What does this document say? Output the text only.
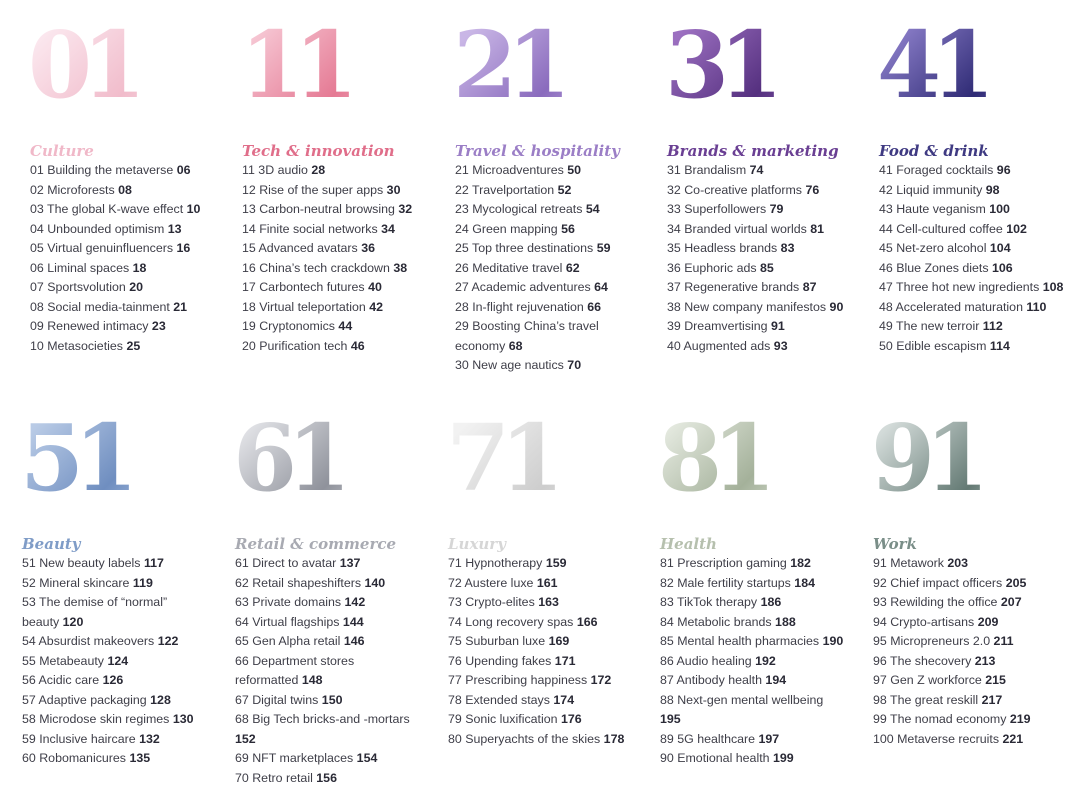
01
Culture
01 Building the metaverse 06
02 Microforests 08
03 The global K-wave effect 10
04 Unbounded optimism 13
05 Virtual genuinfluencers 16
06 Liminal spaces 18
07 Sportsvolution 20
08 Social media-tainment 21
09 Renewed intimacy 23
10 Metasocieties 25
11
Tech & innovation
11 3D audio 28
12 Rise of the super apps 30
13 Carbon-neutral browsing 32
14 Finite social networks 34
15 Advanced avatars 36
16 China’s tech crackdown 38
17 Carbontech futures 40
18 Virtual teleportation 42
19 Cryptonomics 44
20 Purification tech 46
21
Travel & hospitality
21 Microadventures 50
22 Travelportation 52
23 Mycological retreats 54
24 Green mapping 56
25 Top three destinations 59
26 Meditative travel 62
27 Academic adventures 64
28 In-flight rejuvenation 66
29 Boosting China’s travel economy 68
30 New age nautics 70
31
Brands & marketing
31 Brandalism 74
32 Co-creative platforms 76
33 Superfollowers 79
34 Branded virtual worlds 81
35 Headless brands 83
36 Euphoric ads 85
37 Regenerative brands 87
38 New company manifestos 90
39 Dreamvertising 91
40 Augmented ads 93
41
Food & drink
41 Foraged cocktails 96
42 Liquid immunity 98
43 Haute veganism 100
44 Cell-cultured coffee 102
45 Net-zero alcohol 104
46 Blue Zones diets 106
47 Three hot new ingredients 108
48 Accelerated maturation 110
49 The new terroir 112
50 Edible escapism 114
51
Beauty
51 New beauty labels 117
52 Mineral skincare 119
53 The demise of “normal” beauty 120
54 Absurdist makeovers 122
55 Metabeauty 124
56 Acidic care 126
57 Adaptive packaging 128
58 Microdose skin regimes 130
59 Inclusive haircare 132
60 Robomanicures 135
61
Retail & commerce
61 Direct to avatar 137
62 Retail shapeshifters 140
63 Private domains 142
64 Virtual flagships 144
65 Gen Alpha retail 146
66 Department stores reformatted 148
67 Digital twins 150
68 Big Tech bricks-and -mortars 152
69 NFT marketplaces 154
70 Retro retail 156
71
Luxury
71 Hypnotherapy 159
72 Austere luxe 161
73 Crypto-elites 163
74 Long recovery spas 166
75 Suburban luxe 169
76 Upending fakes 171
77 Prescribing happiness 172
78 Extended stays 174
79 Sonic luxification 176
80 Superyachts of the skies 178
81
Health
81 Prescription gaming 182
82 Male fertility startups 184
83 TikTok therapy 186
84 Metabolic brands 188
85 Mental health pharmacies 190
86 Audio healing 192
87 Antibody health 194
88 Next-gen mental wellbeing 195
89 5G healthcare 197
90 Emotional health 199
91
Work
91 Metawork 203
92 Chief impact officers 205
93 Rewilding the office 207
94 Crypto-artisans 209
95 Micropreneurs 2.0 211
96 The shecovery 213
97 Gen Z workforce 215
98 The great reskill 217
99 The nomad economy 219
100 Metaverse recruits 221
